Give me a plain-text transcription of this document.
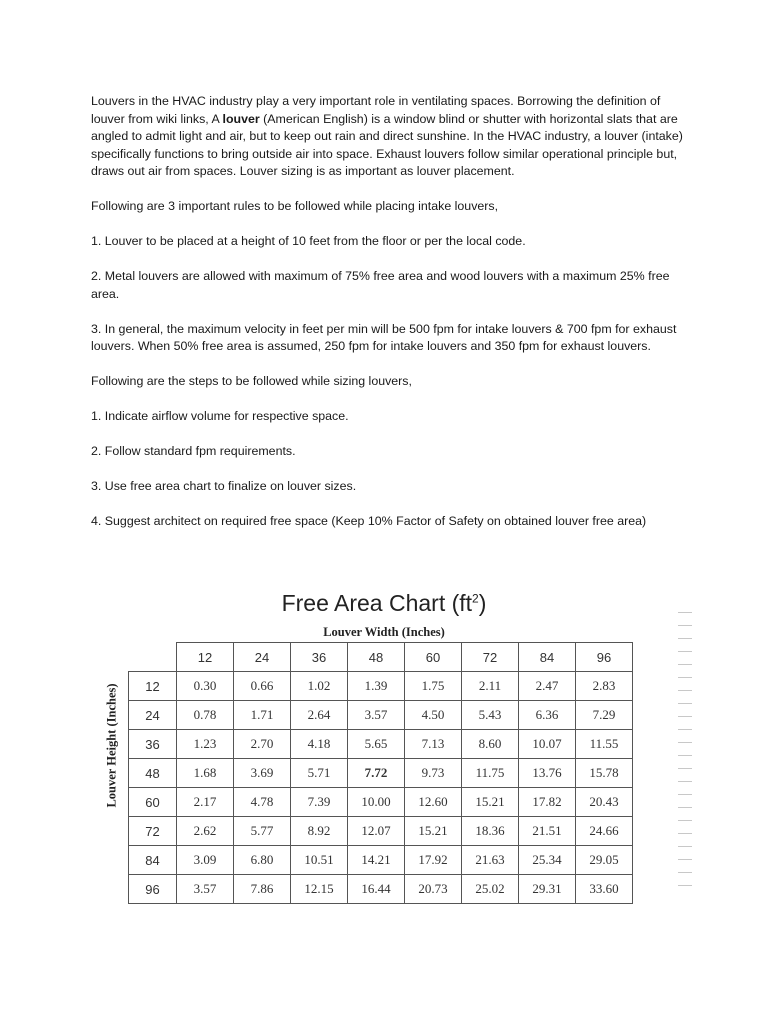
Louvers in the HVAC industry play a very important role in ventilating spaces. Borrowing the definition of louver from wiki links, A louver (American English) is a window blind or shutter with horizontal slats that are angled to admit light and air, but to keep out rain and direct sunshine. In the HVAC industry, a louver (intake) specifically functions to bring outside air into space. Exhaust louvers follow similar operational principle but, draws out air from spaces. Louver sizing is as important as louver placement.

Following are 3 important rules to be followed while placing intake louvers,

1. Louver to be placed at a height of 10 feet from the floor or per the local code.

2. Metal louvers are allowed with maximum of 75% free area and wood louvers with a maximum 25% free area.

3. In general, the maximum velocity in feet per min will be 500 fpm for intake louvers & 700 fpm for exhaust louvers. When 50% free area is assumed, 250 fpm for intake louvers and 350 fpm for exhaust louvers.

Following are the steps to be followed while sizing louvers,

1. Indicate airflow volume for respective space.

2. Follow standard fpm requirements.

3. Use free area chart to finalize on louver sizes.

4. Suggest architect on required free space (Keep 10% Factor of Safety on obtained louver free area)

Free Area Chart $(ft^2)$
Louver Width (Inches)
Louver Height (Inches)
	12	24	36	48	60	72	84	96
12	0.30	0.66	1.02	1.39	1.75	2.11	2.47	2.83
24	0.78	1.71	2.64	3.57	4.50	5.43	6.36	7.29
36	1.23	2.70	4.18	5.65	7.13	8.60	10.07	11.55
48	1.68	3.69	5.71	7.72	9.73	11.75	13.76	15.78
60	2.17	4.78	7.39	10.00	12.60	15.21	17.82	20.43
72	2.62	5.77	8.92	12.07	15.21	18.36	21.51	24.66
84	3.09	6.80	10.51	14.21	17.92	21.63	25.34	29.05
96	3.57	7.86	12.15	16.44	20.73	25.02	29.31	33.60
